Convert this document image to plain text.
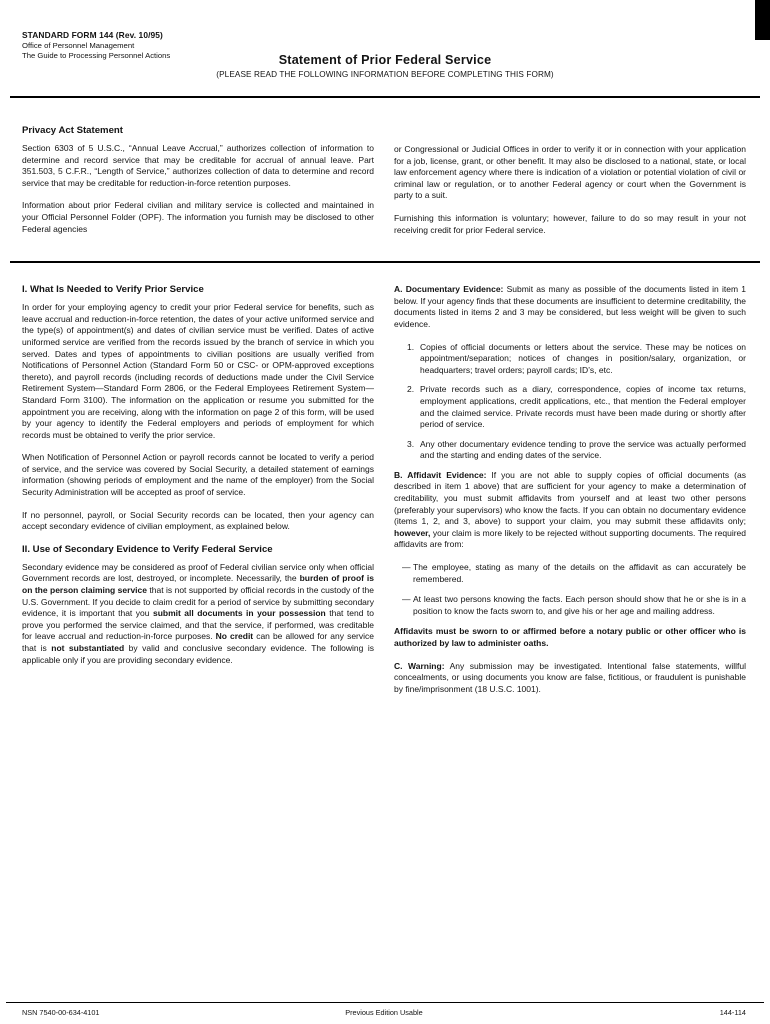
STANDARD FORM 144 (Rev. 10/95)
Office of Personnel Management
The Guide to Processing Personnel Actions	Statement of Prior Federal Service
(PLEASE READ THE FOLLOWING INFORMATION BEFORE COMPLETING THIS FORM)
Privacy Act Statement

Section 6303 of 5 U.S.C., “Annual Leave Accrual,” authorizes collection of information to determine and record service that may be creditable for accrual of annual leave. Part 351.503, 5 C.F.R., “Length of Service,” authorizes collection of data to determine and record service that may be creditable for reduction-in-force retention purposes.

Information about prior Federal civilian and military service is collected and maintained in your Official Personnel Folder (OPF). The information you furnish may be disclosed to other Federal agencies

or Congressional or Judicial Offices in order to verify it or in connection with your application for a job, license, grant, or other benefit. It may also be disclosed to a national, state, or local law enforcement agency where there is indication of a violation or potential violation of civil or criminal law or regulation, or to another Federal agency or court when the Government is party to a suit.

Furnishing this information is voluntary; however, failure to do so may result in your not receiving credit for prior Federal service.

I. What Is Needed to Verify Prior Service

In order for your employing agency to credit your prior Federal service for benefits, such as leave accrual and reduction-in-force retention, the dates of your active uniformed service and the type(s) of appointment(s) and dates of civilian service must be verified. Dates of active uniformed service are verified from the records issued by the branch of service in which you served. Dates and types of appointments to civilian positions are usually verified from Notifications of Personnel Action (Standard Form 50 or CSC- or OPM-approved exceptions thereto), and payroll records (including records of deductions made under the Civil Service Retirement System—Standard Form 2806, or the Federal Employees Retirement System—Standard Form 3100). The information on the application or resume you submitted for the appointment you are receiving, along with the information on page 2 of this form, will be used by your agency to identify the Federal employers and periods of employment for which records must be obtained to verify the prior service.

When Notification of Personnel Action or payroll records cannot be located to verify a period of service, and the service was covered by Social Security, a detailed statement of earnings information (showing periods of employment and the name of the employer) from the Social Security Administration will be accepted as proof of service.

If no personnel, payroll, or Social Security records can be located, then your agency can accept secondary evidence of civilian employment, as explained below.

II. Use of Secondary Evidence to Verify Federal Service

Secondary evidence may be considered as proof of Federal civilian service only when official Government records are lost, destroyed, or incomplete. Necessarily, the burden of proof is on the person claiming service that is not supported by official records in the custody of the U.S. Government. If you decide to claim credit for a period of service by submitting secondary evidence, it is important that you submit all documents in your possession that tend to prove you performed the service claimed, and that the service, if performed, was creditable for leave accrual and reduction-in-force purposes. No credit can be allowed for any service that is not substantiated by valid and conclusive secondary evidence. The following is applicable only if you are providing secondary evidence.

A. Documentary Evidence: Submit as many as possible of the documents listed in item 1 below. If your agency finds that these documents are insufficient to determine creditability, the documents listed in items 2 and 3 may be considered, but less weight will be given to such evidence.

1. Copies of official documents or letters about the service. These may be notices on appointment/separation; notices of changes in position/salary, organization, or headquarters; travel orders; payroll cards; ID’s, etc.
2. Private records such as a diary, correspondence, copies of income tax returns, employment applications, credit applications, etc., that mention the Federal employer and the claimed service. Private records must have been made during or shortly after period of service.
3. Any other documentary evidence tending to prove the service was actually performed and the starting and ending dates of the service.

B. Affidavit Evidence: If you are not able to supply copies of official documents (as described in item 1 above) that are sufficient for your agency to make a determination of creditability, you must submit affidavits from yourself and at least two other persons (preferably your supervisors) who know the facts. If you can obtain no documentary evidence (items 1, 2, and 3, above) to support your claim, you may submit these affidavits only; however, your claim is more likely to be rejected without supporting documents. The required affidavits are from:

— The employee, stating as many of the details on the affidavit as can accurately be remembered.
— At least two persons knowing the facts. Each person should show that he or she is in a position to know the facts sworn to, and give his or her age and mailing address.

Affidavits must be sworn to or affirmed before a notary public or other officer who is authorized by law to administer oaths.

C. Warning: Any submission may be investigated. Intentional false statements, willful concealments, or using documents you know are false, fictitious, or fraudulent is punishable by fine/imprisonment (18 U.S.C. 1001).

NSN 7540-00-634-4101	Previous Edition Usable	144-114
